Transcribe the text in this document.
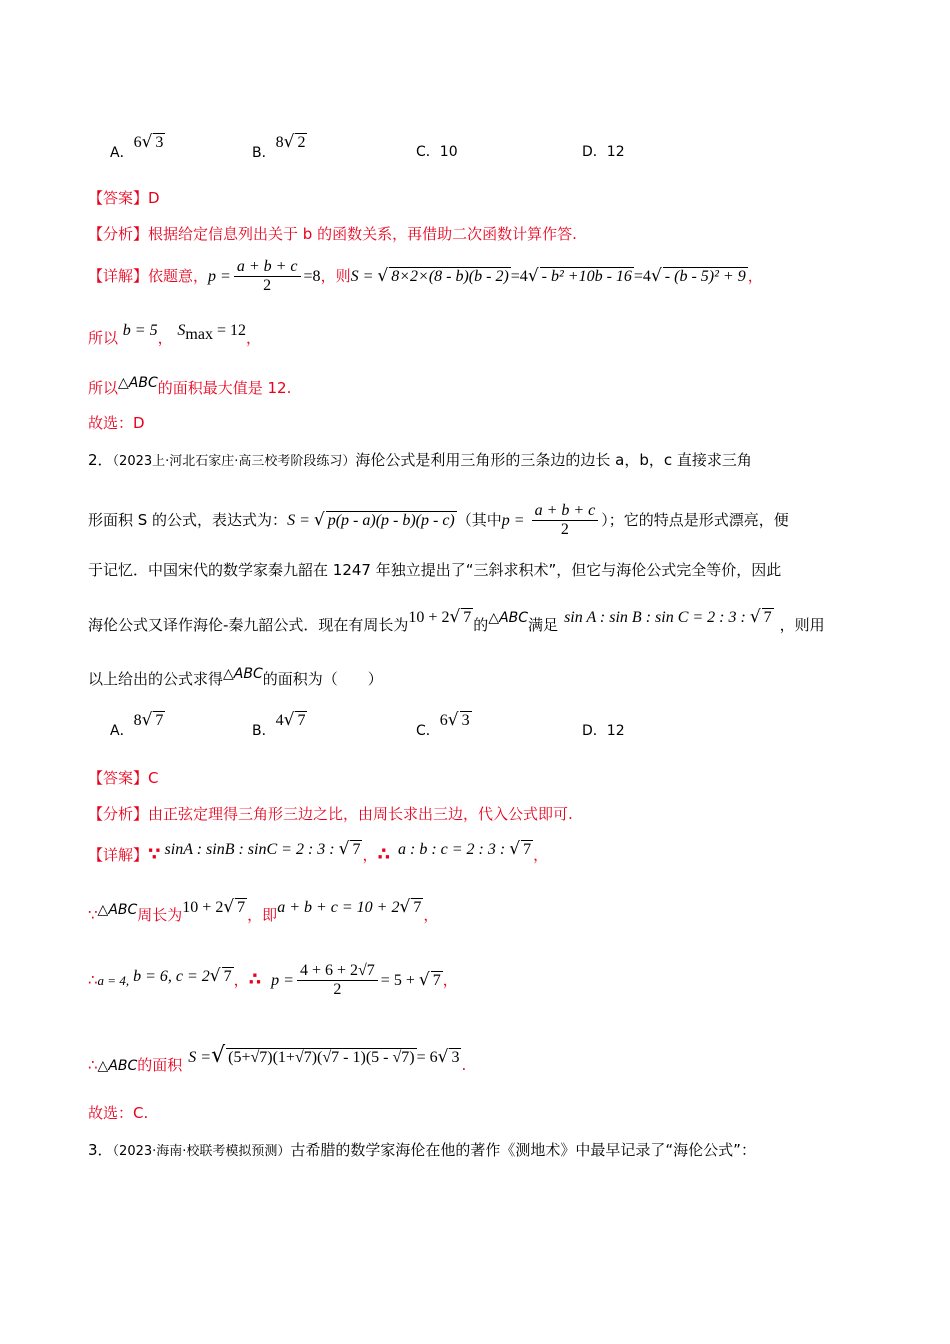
A．6√ 3
B．8√ 2
C．10	D．12
【答案】D
【分析】根据给定信息列出关于 b 的函数关系，再借助二次函数计算作答.
【详解】依题意，$p = \frac{a + b + c}{2} =8$，则S = √ 8×2×(8 - b)(b - 2) =4√ - b² +10b - 16 =4√ - (b - 5)² + 9 ，
所以 b = 5， $S_{max} = 12$，
所以△ABC的面积最大值是 12.
故选：D
2．（2023上·河北石家庄·高三校考阶段练习）海伦公式是利用三角形的三条边的边长 a，b，c 直接求三角
形面积 S 的公式，表达式为：S = √ p(p - a)(p - b)(p - c) （其中$p = \frac{a + b + c}{2}$ ）；它的特点是形式漂亮，便
于记忆．中国宋代的数学家秦九韶在 1247 年独立提出了“三斜求积术”，但它与海伦公式完全等价，因此
海伦公式又译作海伦-秦九韶公式．现在有周长为10 + 2√ 7 的△ABC满足 sin A : sin B : sin C = 2 : 3 : √ 7 ，则用
以上给出的公式求得△ABC的面积为（　　）
A．8√ 7
B．4√ 7
C．6√ 3
D．12
【答案】C
【分析】由正弦定理得三角形三边之比，由周长求出三边，代入公式即可.
【详解】∵ sinA : sinB : sinC = 2 : 3 : √ 7 ，∴ a : b : c = 2 : 3 : √ 7 ，
∵△ABC周长为10 + 2√ 7 ，即a + b + c = 10 + 2√ 7 ，
∴a = 4, b = 6, c = 2√ 7 ，∴ $p = \frac{4 + 6 + 2√7}{2} = 5$ + √ 7 ，
∴△ABC的面积 S =√ (5+√7)(1+√7)(√7 - 1)(5 - √7) = 6√ 3 .
故选：C.
3．（2023·海南·校联考模拟预测）古希腊的数学家海伦在他的著作《测地术》中最早记录了“海伦公式”：
